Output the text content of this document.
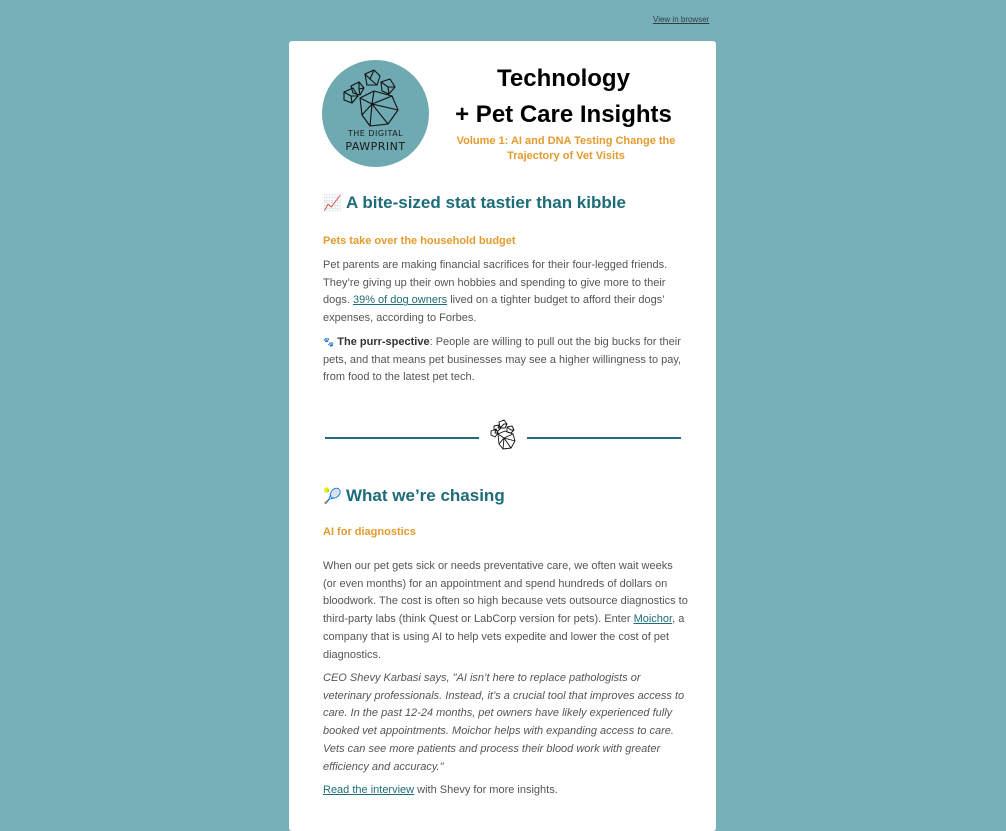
View in browser
THE DIGITAL
PAWPRINT
Technology
+ Pet Care Insights
Volume 1: AI and DNA Testing Change the Trajectory of Vet Visits
📈 A bite-sized stat tastier than kibble
Pets take over the household budget
Pet parents are making financial sacrifices for their four-legged friends. They’re giving up their own hobbies and spending to give more to their dogs. 39% of dog owners lived on a tighter budget to afford their dogs’ expenses, according to Forbes.
🐾 The purr-spective: People are willing to pull out the big bucks for their pets, and that means pet businesses may see a higher willingness to pay, from food to the latest pet tech.
🎾 What we’re chasing
AI for diagnostics
When our pet gets sick or needs preventative care, we often wait weeks (or even months) for an appointment and spend hundreds of dollars on bloodwork. The cost is often so high because vets outsource diagnostics to third-party labs (think Quest or LabCorp version for pets). Enter Moichor, a company that is using AI to help vets expedite and lower the cost of pet diagnostics.
CEO Shevy Karbasi says, "AI isn’t here to replace pathologists or veterinary professionals. Instead, it’s a crucial tool that improves access to care. In the past 12-24 months, pet owners have likely experienced fully booked vet appointments. Moichor helps with expanding access to care. Vets can see more patients and process their blood work with greater efficiency and accuracy."
Read the interview with Shevy for more insights.
